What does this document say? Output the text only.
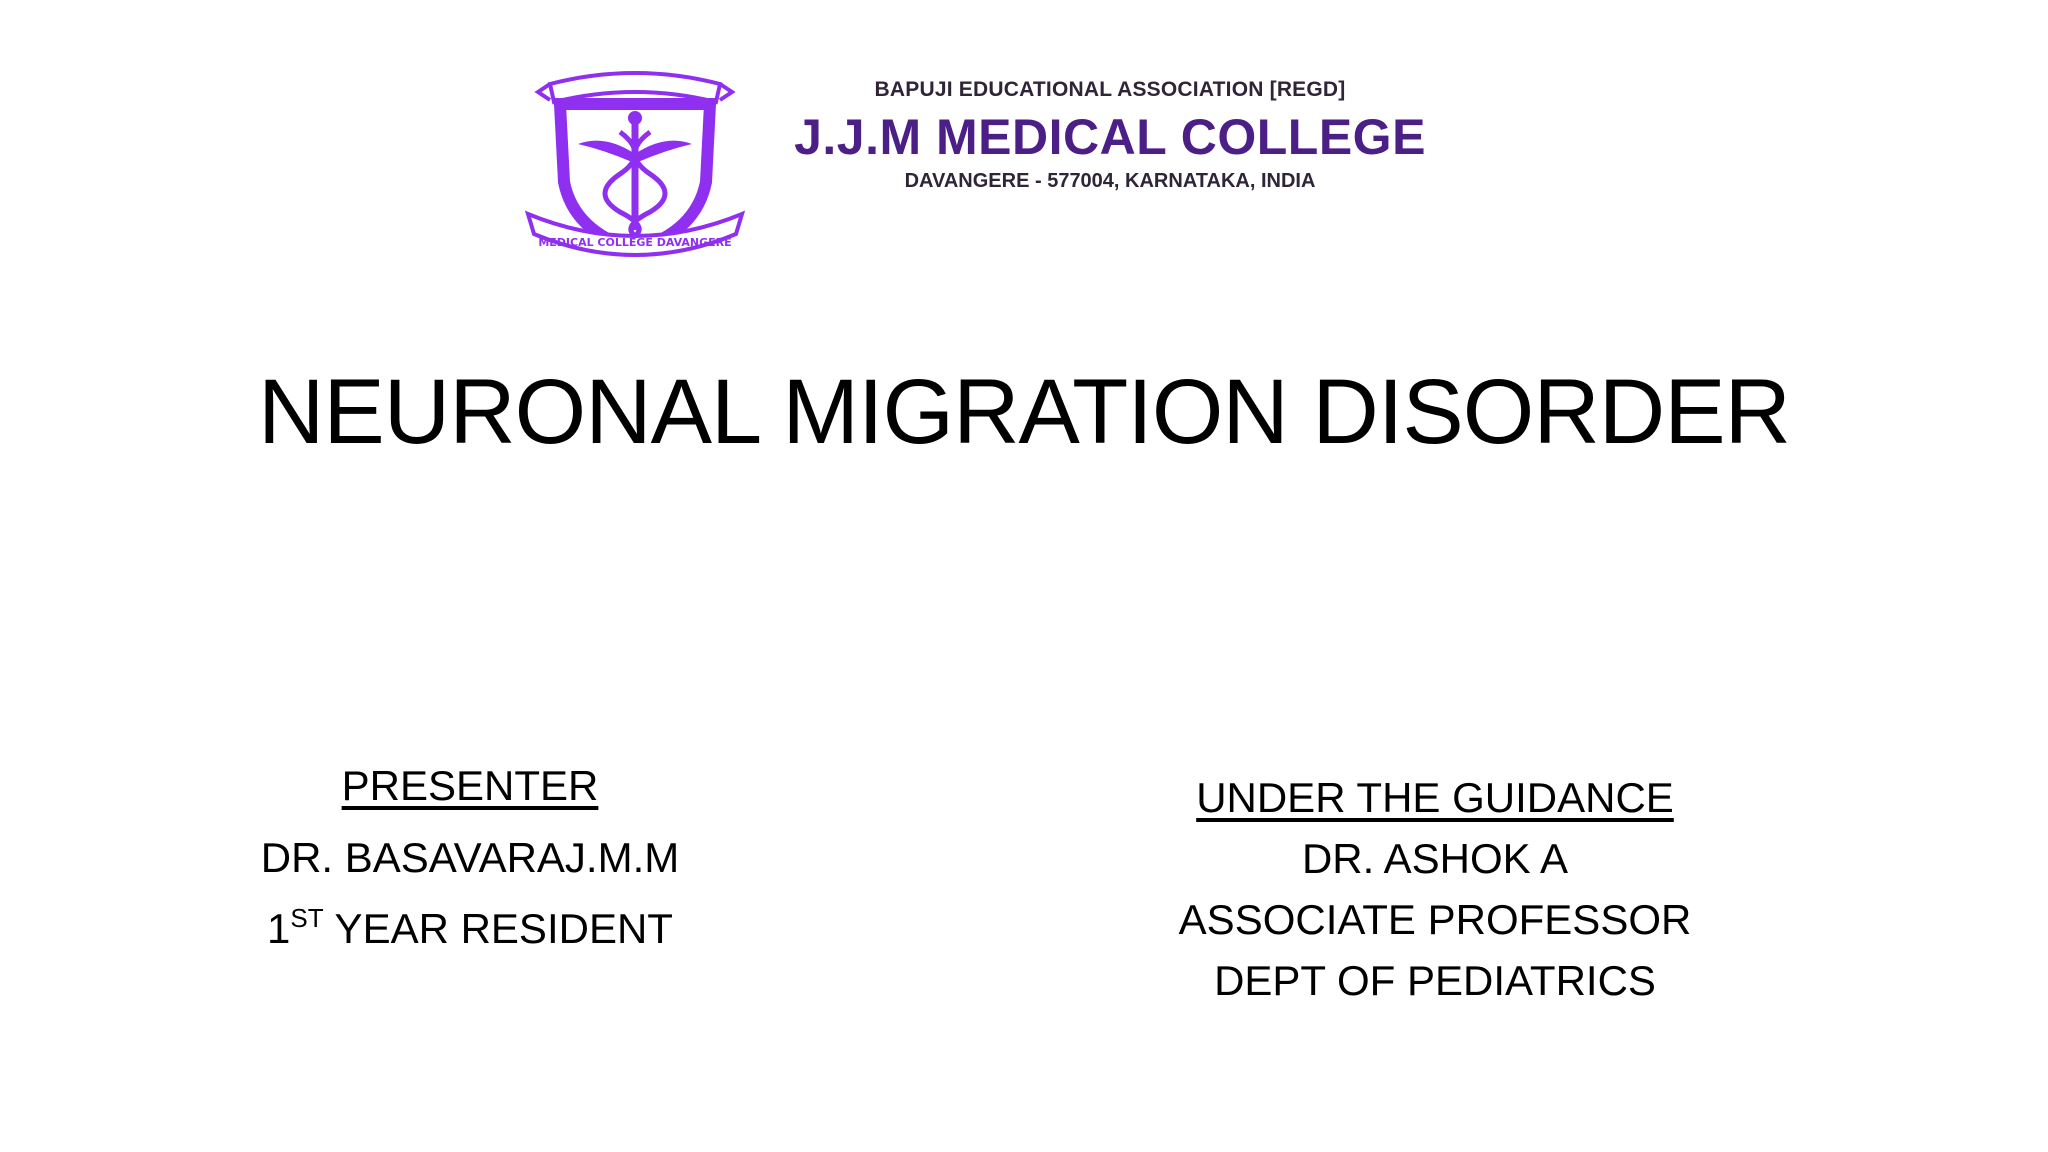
MEDICAL COLLEGE DAVANGERE
BAPUJI EDUCATIONAL ASSOCIATION [REGD]
J.J.M MEDICAL COLLEGE
DAVANGERE - 577004, KARNATAKA, INDIA
NEURONAL MIGRATION DISORDER
PRESENTER
DR. BASAVARAJ.M.M
1ST YEAR RESIDENT
UNDER THE GUIDANCE
DR. ASHOK A
ASSOCIATE PROFESSOR
DEPT OF PEDIATRICS
